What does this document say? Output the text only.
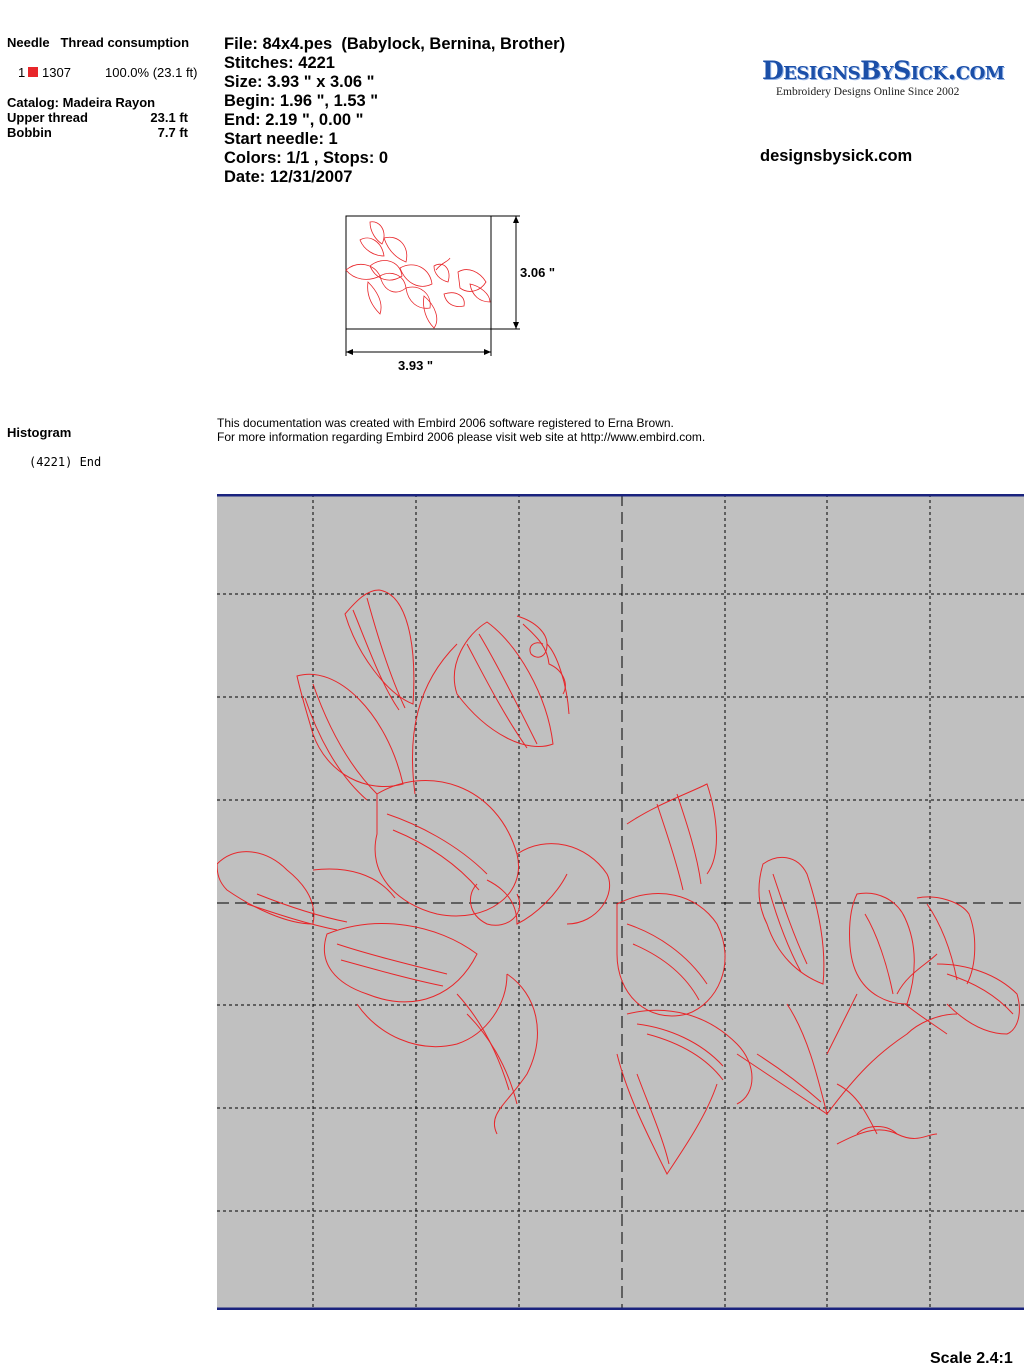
Needle Thread consumption
1 1307	100.0% (23.1 ft)
Catalog: Madeira Rayon
Upper thread	23.1 ft
Bobbin	7.7 ft
Histogram
(4221) End
File: 84x4.pes  (Babylock, Bernina, Brother)
Stitches: 4221
Size: 3.93 " x 3.06 "
Begin: 1.96 ", 1.53 "
End: 2.19 ", 0.00 "
Start needle: 1
Colors: 1/1 , Stops: 0
Date: 12/31/2007
DesignsBySick.com
Embroidery Designs Online Since 2002
designsbysick.com
3.93 "
3.06 "
This documentation was created with Embird 2006 software registered to Erna Brown.
For more information regarding Embird 2006 please visit web site at http://www.embird.com.
Scale 2.4:1
